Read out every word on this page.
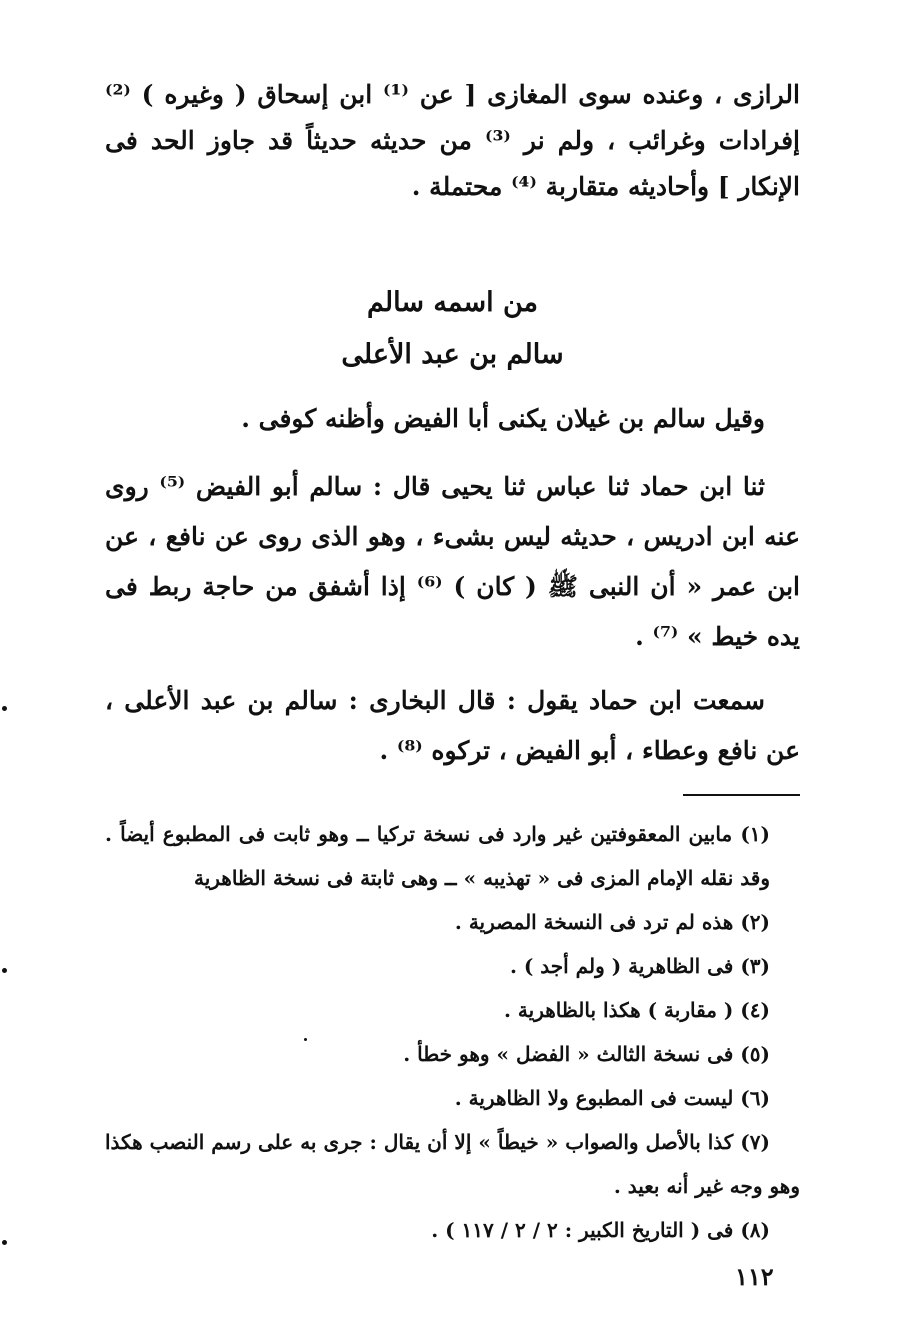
الرازى ، وعنده سوى المغازى [ عن ⁽¹⁾ ابن إسحاق ( وغيره ) ⁽²⁾ إفرادات وغرائب ، ولم نر ⁽³⁾ من حديثه حديثاً قد جاوز الحد فى الإنكار ] وأحاديثه متقاربة ⁽⁴⁾ محتملة .

من اسمه سالم
سالم بن عبد الأعلى

وقيل سالم بن غيلان يكنى أبا الفيض وأظنه كوفى .

ثنا ابن حماد ثنا عباس ثنا يحيى قال : سالم أبو الفيض ⁽⁵⁾ روى عنه ابن ادريس ، حديثه ليس بشىء ، وهو الذى روى عن نافع ، عن ابن عمر « أن النبى ﷺ ( كان ) ⁽⁶⁾ إذا أشفق من حاجة ربط فى يده خيط » ⁽⁷⁾ .

سمعت ابن حماد يقول : قال البخارى : سالم بن عبد الأعلى ، عن نافع وعطاء ، أبو الفيض ، تركوه ⁽⁸⁾ .

(١) مابين المعقوفتين غير وارد فى نسخة تركيا ــ وهو ثابت فى المطبوع أيضاً . وقد نقله الإمام المزى فى « تهذيبه » ــ وهى ثابتة فى نسخة الظاهرية
(٢) هذه لم ترد فى النسخة المصرية .
(٣) فى الظاهرية ( ولم أجد ) .
(٤) ( مقاربة ) هكذا بالظاهرية .
(٥) فى نسخة الثالث « الفضل » وهو خطأ .
(٦) ليست فى المطبوع ولا الظاهرية .
(٧) كذا بالأصل والصواب « خيطاً » إلا أن يقال : جرى به على رسم النصب هكذا وهو وجه غير أنه بعيد .
(٨) فى ( التاريخ الكبير : ٢ / ٢ / ١١٧ ) .
١١٢
